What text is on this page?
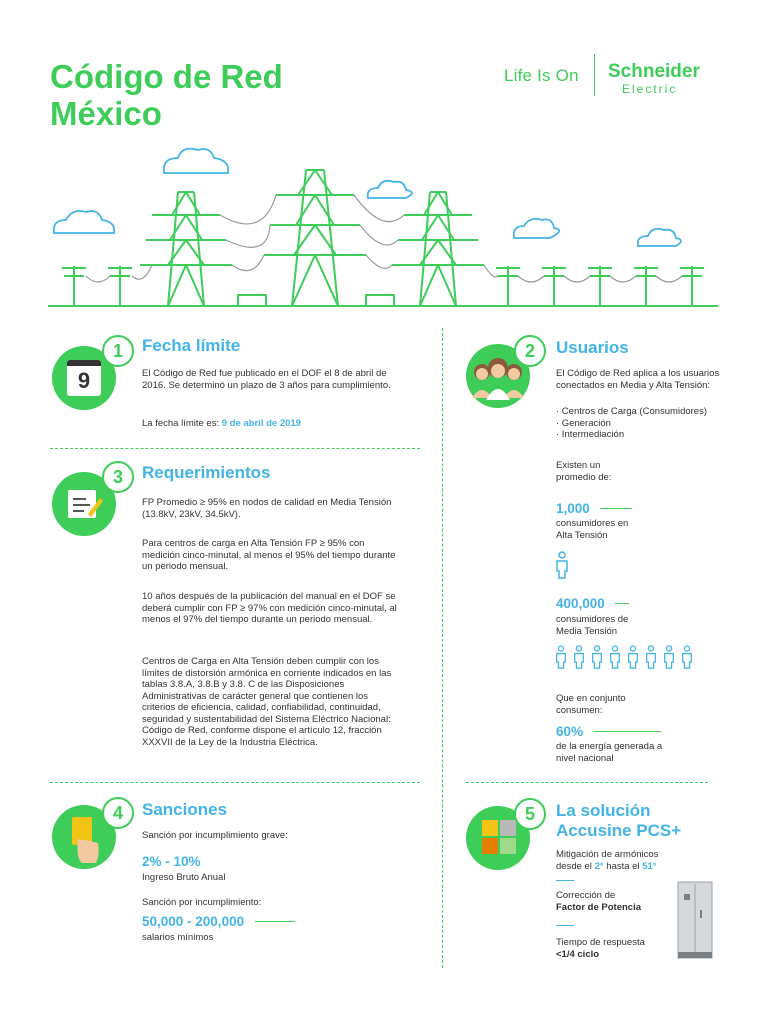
Código de Red
México
Life Is On Schneider
Electric
9
1	Fecha límite
El Código de Red fue publicado en el DOF el 8 de abril de 2016. Se determinó un plazo de 3 años para cumplimiento.
La fecha límite es: 9 de abril de 2019
3	Requerimientos
FP Promedio ≥ 95% en nodos de calidad en Media Tensión (13.8kV, 23kV, 34.5kV).
Para centros de carga en Alta Tensión FP ≥ 95% con medición cinco-minutal, al menos el 95% del tiempo durante un periodo mensual.
10 años después de la publicación del manual en el DOF se deberá cumplir con FP ≥ 97% con medición cinco-minutal, al menos el 97% del tiempo durante un periodo mensual.
Centros de Carga en Alta Tensión deben cumplir con los límites de distorsión armónica en corriente indicados en las tablas 3.8.A, 3.8.B y 3.8. C de las Disposiciones Administrativas de carácter general que contienen los criterios de eficiencia, calidad, confiabilidad, continuidad, seguridad y sustentabilidad del Sistema Eléctrico Nacional: Código de Red, conforme dispone el artículo 12, fracción XXXVII de la Ley de la Industria Eléctrica.
4	Sanciones
Sanción por incumplimiento grave:
2% - 10%
Ingreso Bruto Anual
Sanción por incumplimiento:
50,000 - 200,000
salarios mínimos
2	Usuarios
El Código de Red aplica a los usuarios conectados en Media y Alta Tensión:
· Centros de Carga (Consumidores)
· Generación
· Intermediación
Existen un promedio de:
1,000
consumidores en Alta Tensión
400,000
consumidores de Media Tensión
Que en conjunto consumen:
60%
de la energía generada a nivel nacional
5	La solución
Accusine PCS+
Mitigación de armónicos desde el 2° hasta el 51°
Corrección de
Factor de Potencia
Tiempo de respuesta
<1/4 ciclo
